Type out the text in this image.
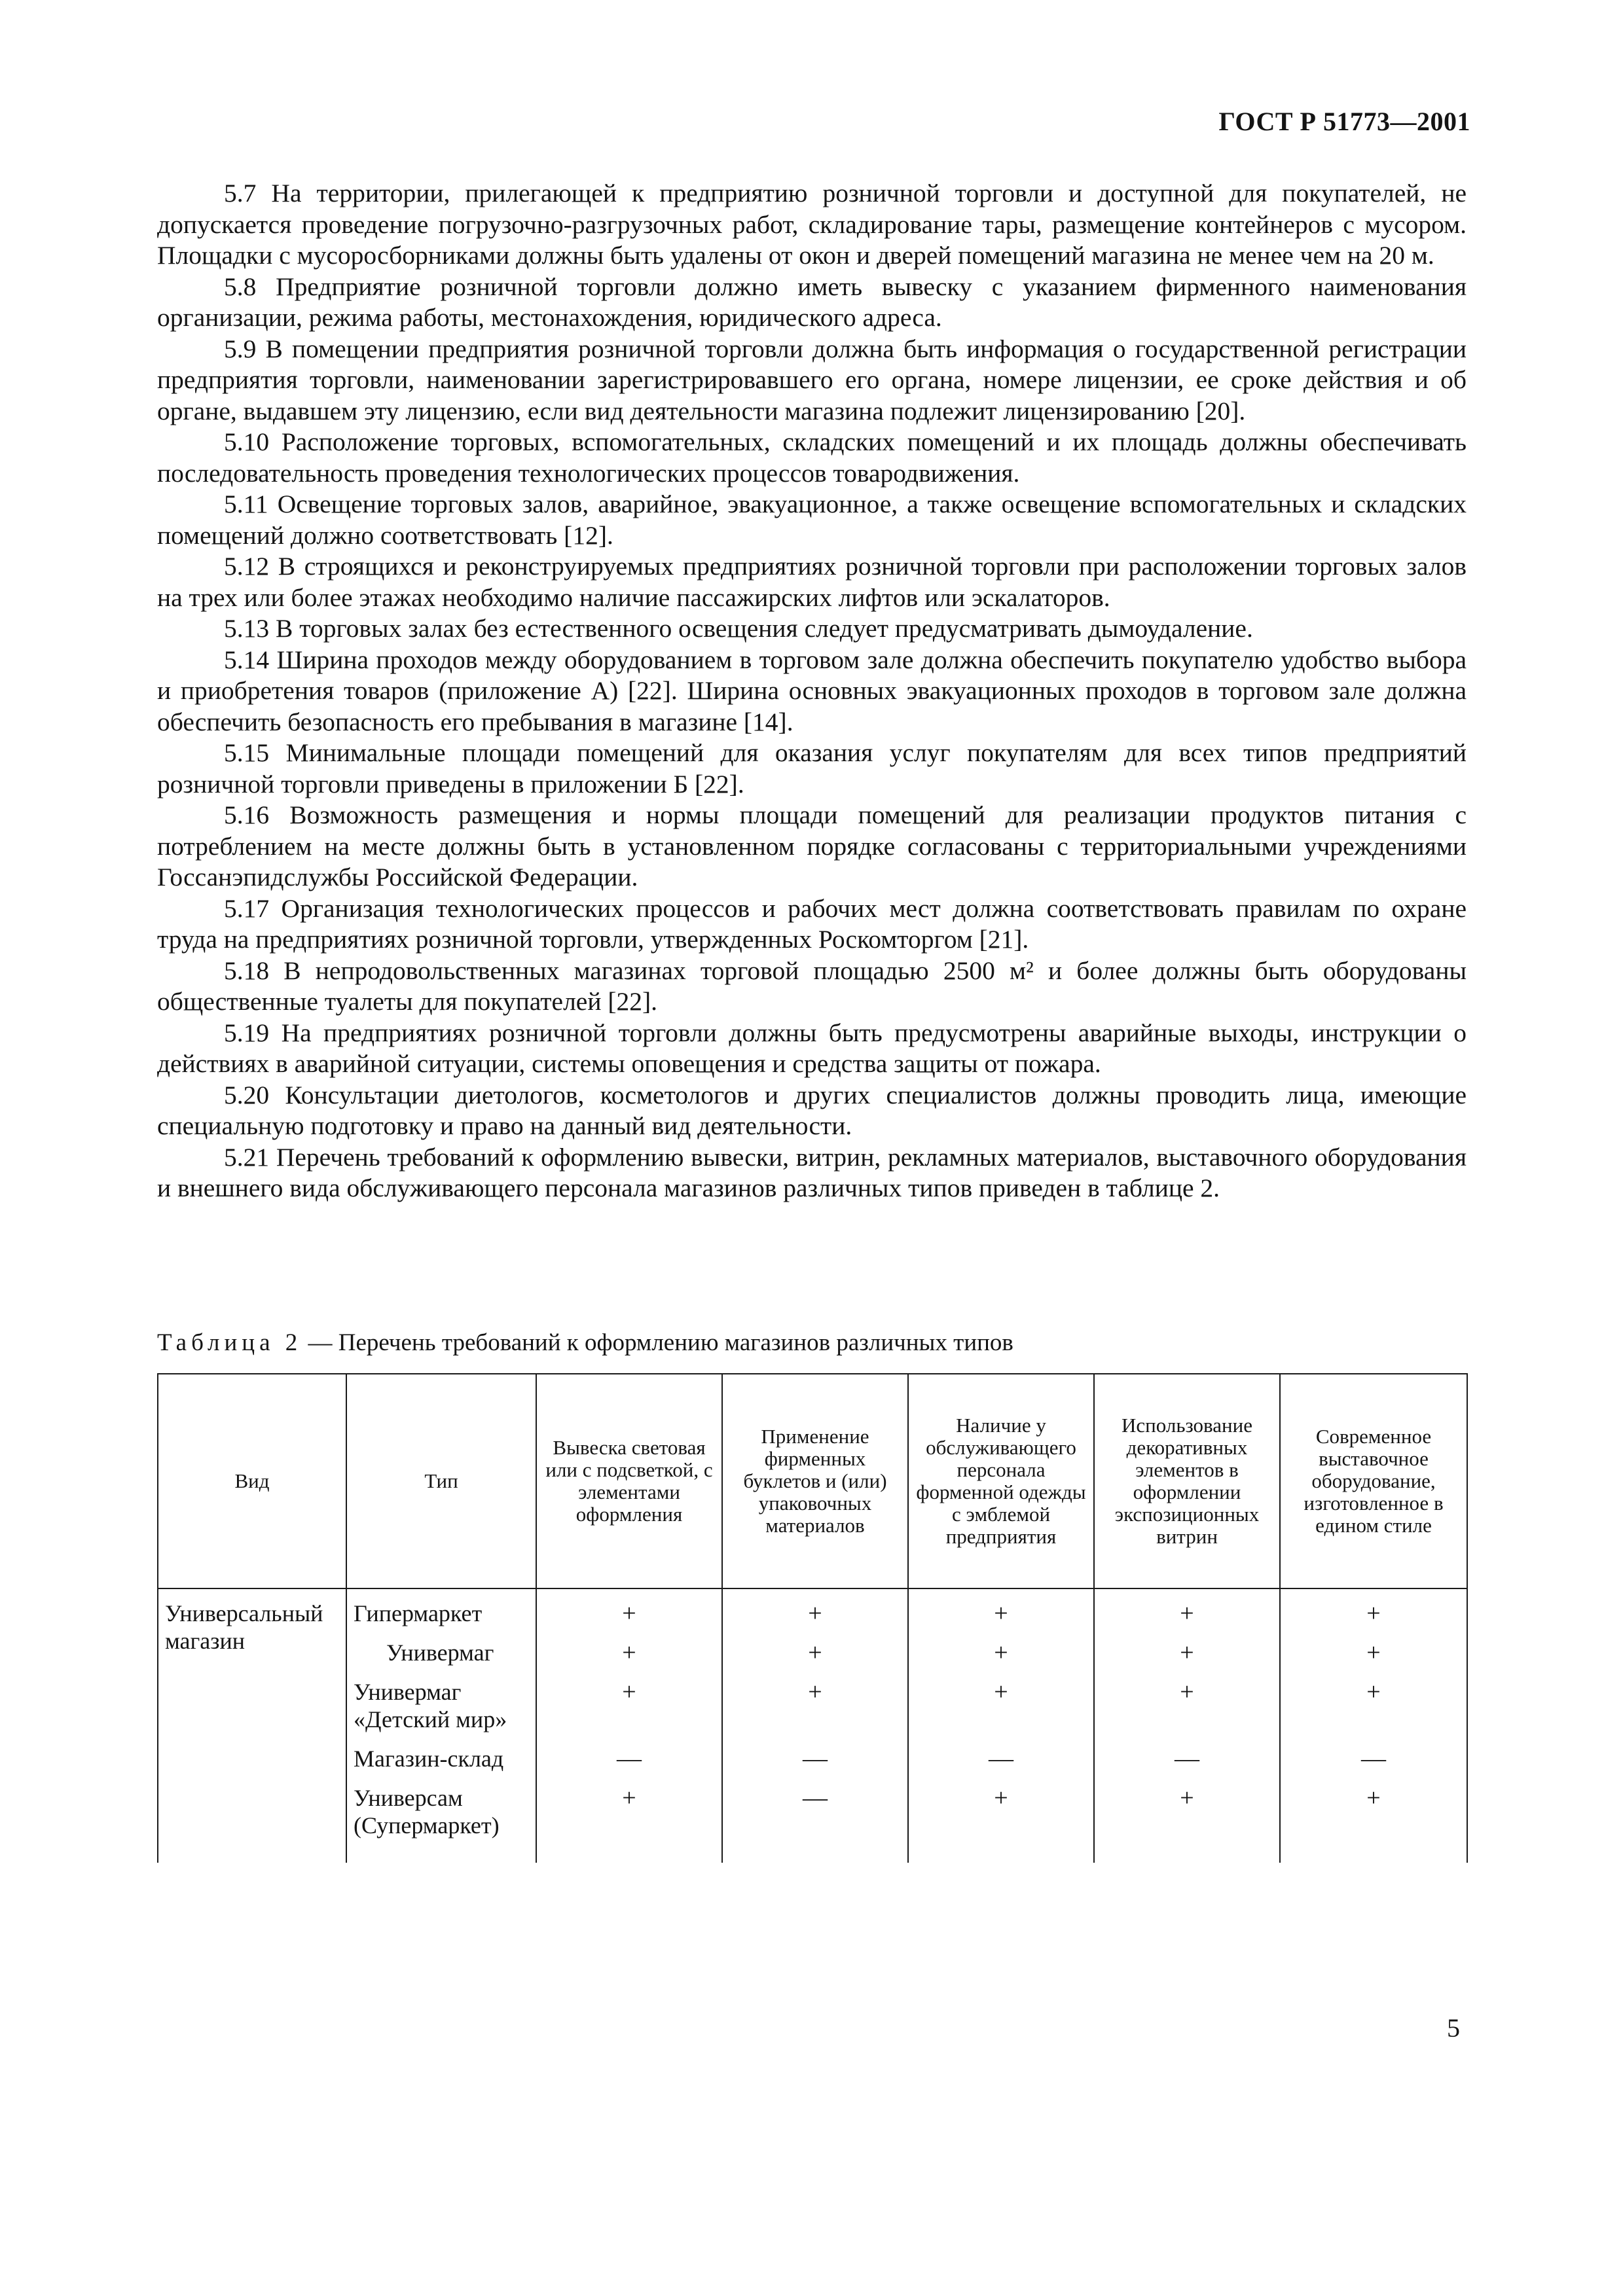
ГОСТ Р 51773—2001

5.7 На территории, прилегающей к предприятию розничной торговли и доступной для покупателей, не допускается проведение погрузочно-разгрузочных работ, складирование тары, размещение контейнеров с мусором. Площадки с мусоросборниками должны быть удалены от окон и дверей помещений магазина не менее чем на 20 м.

5.8 Предприятие розничной торговли должно иметь вывеску с указанием фирменного наименования организации, режима работы, местонахождения, юридического адреса.

5.9 В помещении предприятия розничной торговли должна быть информация о государственной регистрации предприятия торговли, наименовании зарегистрировавшего его органа, номере лицензии, ее сроке действия и об органе, выдавшем эту лицензию, если вид деятельности магазина подлежит лицензированию [20].

5.10 Расположение торговых, вспомогательных, складских помещений и их площадь должны обеспечивать последовательность проведения технологических процессов товародвижения.

5.11 Освещение торговых залов, аварийное, эвакуационное, а также освещение вспомогательных и складских помещений должно соответствовать [12].

5.12 В строящихся и реконструируемых предприятиях розничной торговли при расположении торговых залов на трех или более этажах необходимо наличие пассажирских лифтов или эскалаторов.

5.13 В торговых залах без естественного освещения следует предусматривать дымоудаление.

5.14 Ширина проходов между оборудованием в торговом зале должна обеспечить покупателю удобство выбора и приобретения товаров (приложение А) [22]. Ширина основных эвакуационных проходов в торговом зале должна обеспечить безопасность его пребывания в магазине [14].

5.15 Минимальные площади помещений для оказания услуг покупателям для всех типов предприятий розничной торговли приведены в приложении Б [22].

5.16 Возможность размещения и нормы площади помещений для реализации продуктов питания с потреблением на месте должны быть в установленном порядке согласованы с территориальными учреждениями Госсанэпидслужбы Российской Федерации.

5.17 Организация технологических процессов и рабочих мест должна соответствовать правилам по охране труда на предприятиях розничной торговли, утвержденных Роскомторгом [21].

5.18 В непродовольственных магазинах торговой площадью 2500 м² и более должны быть оборудованы общественные туалеты для покупателей [22].

5.19 На предприятиях розничной торговли должны быть предусмотрены аварийные выходы, инструкции о действиях в аварийной ситуации, системы оповещения и средства защиты от пожара.

5.20 Консультации диетологов, косметологов и других специалистов должны проводить лица, имеющие специальную подготовку и право на данный вид деятельности.

5.21 Перечень требований к оформлению вывески, витрин, рекламных материалов, выставочного оборудования и внешнего вида обслуживающего персонала магазинов различных типов приведен в таблице 2.

Таблица 2 — Перечень требований к оформлению магазинов различных типов
Вид	Тип	Вывеска световая или с подсветкой, с элементами оформления	Применение фирменных буклетов и (или) упаковочных материалов	Наличие у обслуживающего персонала форменной одежды с эмблемой предприятия	Использование декоративных элементов в оформлении экспозиционных витрин	Современное выставочное оборудование, изготовленное в едином стиле
Универсальный магазин	Гипермаркет	+	+	+	+	+
	Универмаг	+	+	+	+	+
	Универмаг «Детский мир»	+	+	+	+	+
	Магазин-склад	—	—	—	—	—
	Универсам (Супермаркет)	+	—	+	+	+
5
